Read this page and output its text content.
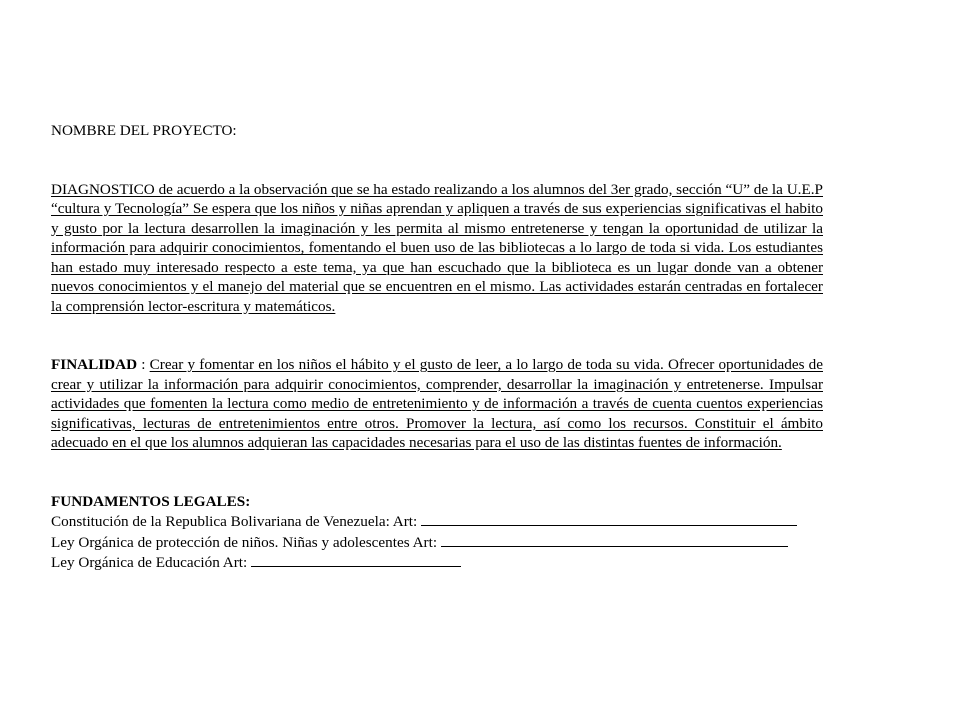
NOMBRE DEL PROYECTO:

DIAGNOSTICO de acuerdo a la observación que se ha estado realizando a los alumnos del 3er grado, sección “U” de la U.E.P “cultura y Tecnología” Se espera que los niños y niñas aprendan y apliquen a través de sus experiencias significativas el habito y gusto por la lectura desarrollen la imaginación y les permita al mismo entretenerse y tengan la oportunidad de utilizar la información para adquirir conocimientos, fomentando el buen uso de las bibliotecas a lo largo de toda si vida. Los estudiantes han estado muy interesado respecto a este tema, ya que han escuchado que la biblioteca es un lugar donde van a obtener nuevos conocimientos y el manejo del material que se encuentren en el mismo. Las actividades estarán centradas en fortalecer la comprensión lector-escritura y matemáticos.

FINALIDAD : Crear y fomentar en los niños el hábito y el gusto de leer, a lo largo de toda su vida. Ofrecer oportunidades de crear y utilizar la información para adquirir conocimientos, comprender, desarrollar la imaginación y entretenerse. Impulsar actividades que fomenten la lectura como medio de entretenimiento y de información a través de cuenta cuentos experiencias significativas, lecturas de entretenimientos entre otros. Promover la lectura, así como los recursos. Constituir el ámbito adecuado en el que los alumnos adquieran las capacidades necesarias para el uso de las distintas fuentes de información.

FUNDAMENTOS LEGALES:

Constitución de la Republica Bolivariana de Venezuela: Art:

Ley Orgánica de protección de niños. Niñas y adolescentes Art:

Ley Orgánica de Educación Art:
